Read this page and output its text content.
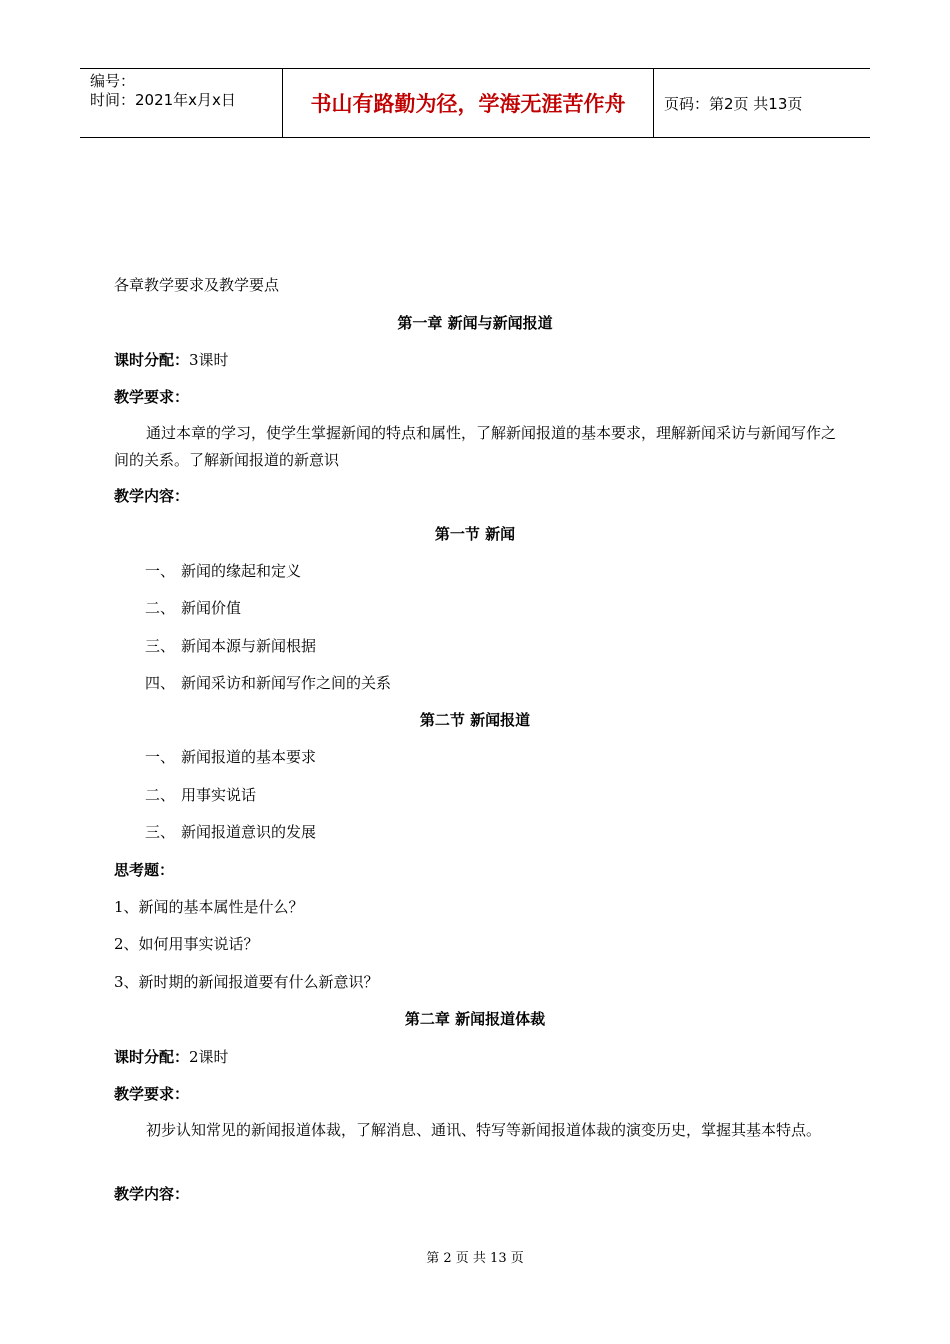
编号：
时间：2021年x月x日	书山有路勤为径，学海无涯苦作舟	页码：第2页 共13页
各章教学要求及教学要点
第一章 新闻与新闻报道
课时分配：3课时
教学要求：
通过本章的学习，使学生掌握新闻的特点和属性，了解新闻报道的基本要求，理解新闻采访与新闻写作之间的关系。了解新闻报道的新意识
教学内容：
第一节 新闻
一、 新闻的缘起和定义
二、 新闻价值
三、 新闻本源与新闻根据
四、 新闻采访和新闻写作之间的关系
第二节 新闻报道
一、 新闻报道的基本要求
二、 用事实说话
三、 新闻报道意识的发展
思考题：
1、新闻的基本属性是什么？
2、如何用事实说话？
3、新时期的新闻报道要有什么新意识？
第二章 新闻报道体裁
课时分配：2课时
教学要求：
初步认知常见的新闻报道体裁，了解消息、通讯、特写等新闻报道体裁的演变历史，掌握其基本特点。
教学内容：
第 2 页 共 13 页
